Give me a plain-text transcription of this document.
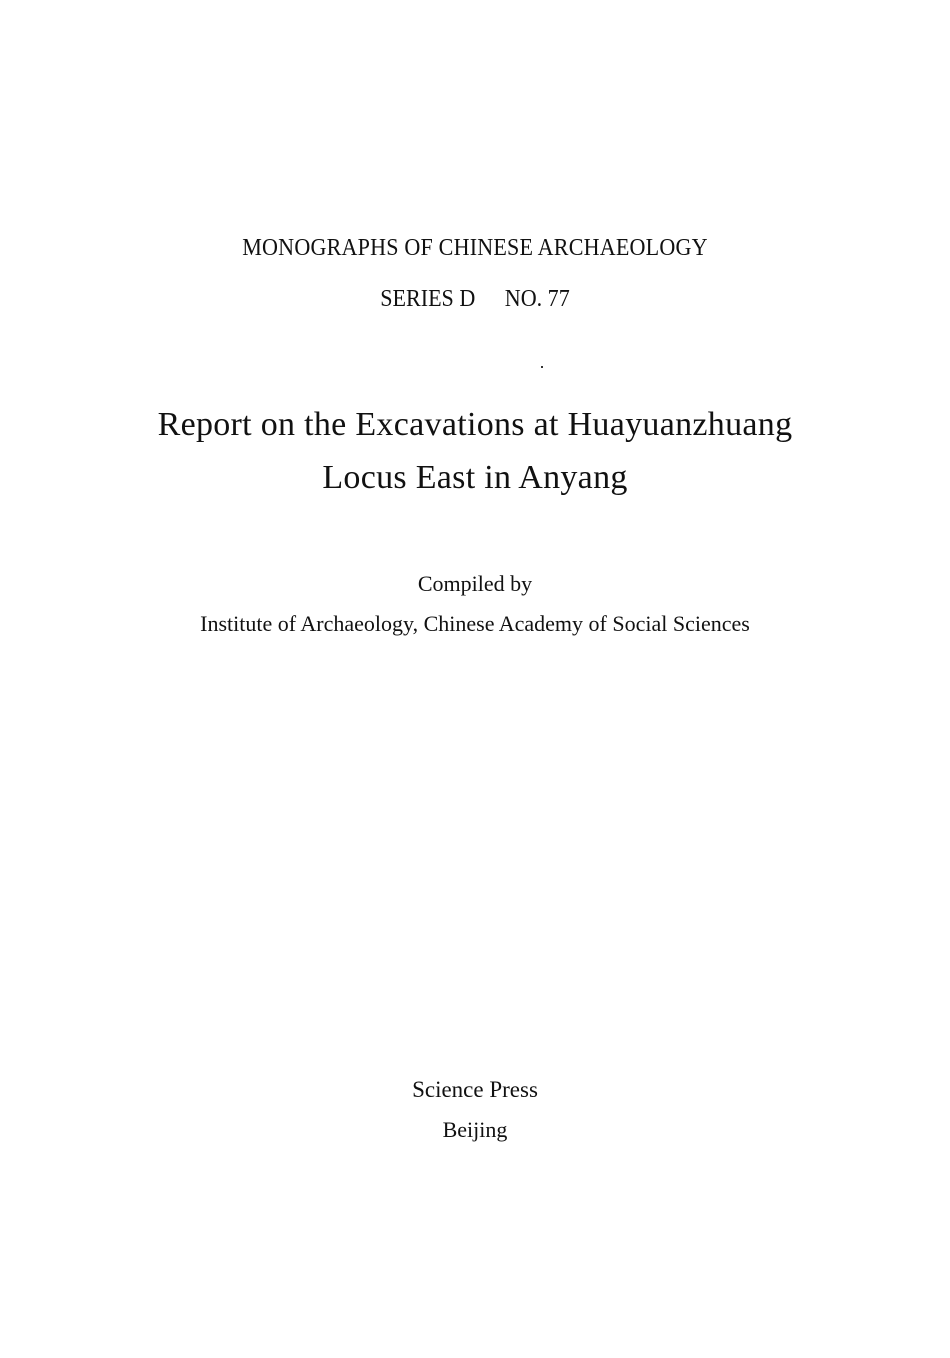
MONOGRAPHS OF CHINESE ARCHAEOLOGY
SERIES D NO. 77
Report on the Excavations at Huayuanzhuang
Locus East in Anyang
Compiled by
Institute of Archaeology, Chinese Academy of Social Sciences
Science Press
Beijing
